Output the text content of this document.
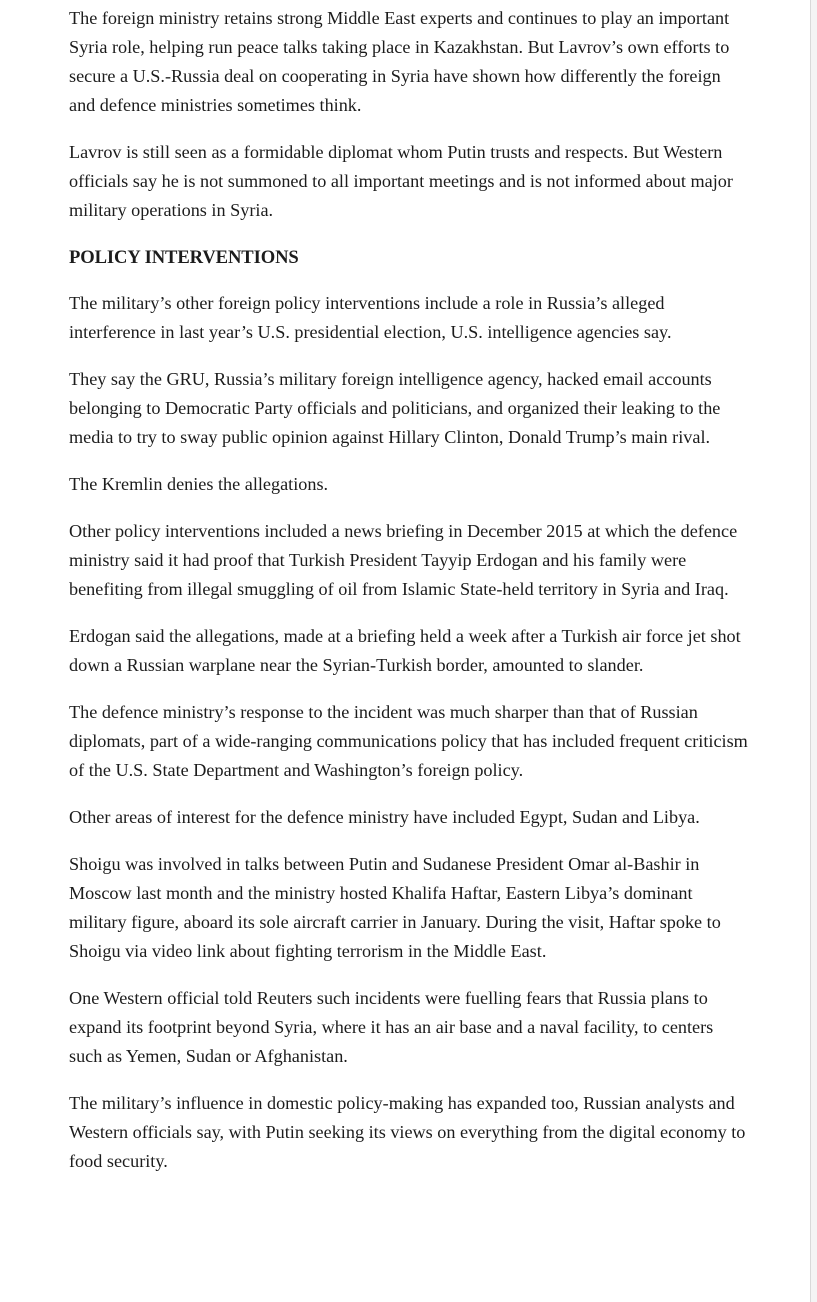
The foreign ministry retains strong Middle East experts and continues to play an important Syria role, helping run peace talks taking place in Kazakhstan. But Lavrov’s own efforts to secure a U.S.-Russia deal on cooperating in Syria have shown how differently the foreign and defence ministries sometimes think.

Lavrov is still seen as a formidable diplomat whom Putin trusts and respects. But Western officials say he is not summoned to all important meetings and is not informed about major military operations in Syria.

POLICY INTERVENTIONS

The military’s other foreign policy interventions include a role in Russia’s alleged interference in last year’s U.S. presidential election, U.S. intelligence agencies say.

They say the GRU, Russia’s military foreign intelligence agency, hacked email accounts belonging to Democratic Party officials and politicians, and organized their leaking to the media to try to sway public opinion against Hillary Clinton, Donald Trump’s main rival.

The Kremlin denies the allegations.

Other policy interventions included a news briefing in December 2015 at which the defence ministry said it had proof that Turkish President Tayyip Erdogan and his family were benefiting from illegal smuggling of oil from Islamic State-held territory in Syria and Iraq.

Erdogan said the allegations, made at a briefing held a week after a Turkish air force jet shot down a Russian warplane near the Syrian-Turkish border, amounted to slander.

The defence ministry’s response to the incident was much sharper than that of Russian diplomats, part of a wide-ranging communications policy that has included frequent criticism of the U.S. State Department and Washington’s foreign policy.

Other areas of interest for the defence ministry have included Egypt, Sudan and Libya.

Shoigu was involved in talks between Putin and Sudanese President Omar al-Bashir in Moscow last month and the ministry hosted Khalifa Haftar, Eastern Libya’s dominant military figure, aboard its sole aircraft carrier in January. During the visit, Haftar spoke to Shoigu via video link about fighting terrorism in the Middle East.

One Western official told Reuters such incidents were fuelling fears that Russia plans to expand its footprint beyond Syria, where it has an air base and a naval facility, to centers such as Yemen, Sudan or Afghanistan.

The military’s influence in domestic policy-making has expanded too, Russian analysts and Western officials say, with Putin seeking its views on everything from the digital economy to food security.
